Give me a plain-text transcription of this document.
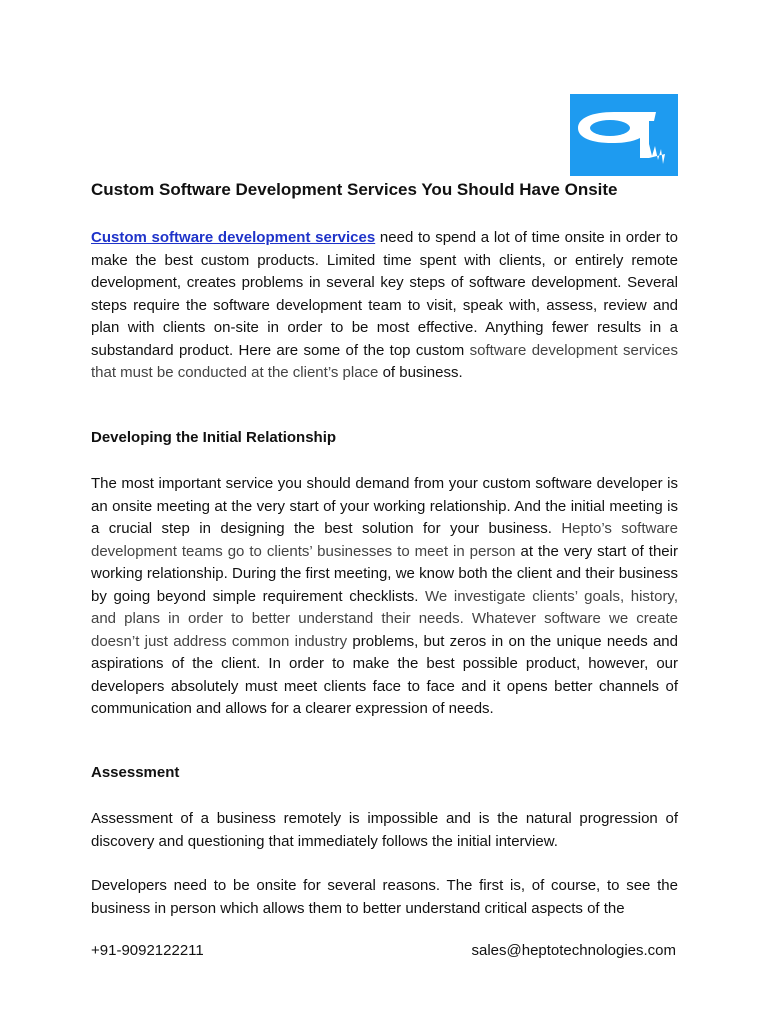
Custom Software Development Services You Should Have Onsite

Custom software development services need to spend a lot of time onsite in order to make the best custom products. Limited time spent with clients, or entirely remote development, creates problems in several key steps of software development. Several steps require the software development team to visit, speak with, assess, review and plan with clients on-site in order to be most effective. Anything fewer results in a substandard product. Here are some of the top custom software development services that must be conducted at the client’s place of business.

Developing the Initial Relationship

The most important service you should demand from your custom software developer is an onsite meeting at the very start of your working relationship. And the initial meeting is a crucial step in designing the best solution for your business. Hepto’s software development teams go to clients’ businesses to meet in person at the very start of their working relationship. During the first meeting, we know both the client and their business by going beyond simple requirement checklists. We investigate clients’ goals, history, and plans in order to better understand their needs. Whatever software we create doesn’t just address common industry problems, but zeros in on the unique needs and aspirations of the client. In order to make the best possible product, however, our developers absolutely must meet clients face to face and it opens better channels of communication and allows for a clearer expression of needs.

Assessment

Assessment of a business remotely is impossible and is the natural progression of discovery and questioning that immediately follows the initial interview.

Developers need to be onsite for several reasons. The first is, of course, to see the business in person which allows them to better understand critical aspects of the

+91-9092122211	sales@heptotechnologies.com
